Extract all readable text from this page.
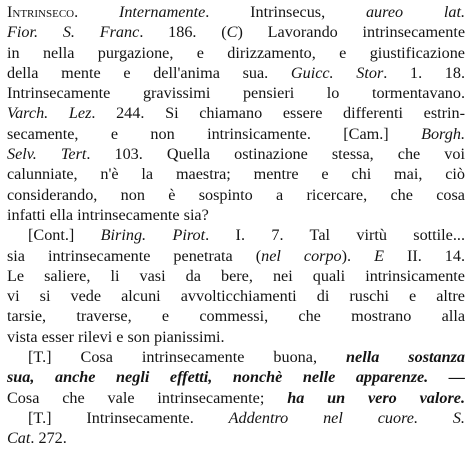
Intrinseco. Internamente. Intrinsecus, aureo lat.
Fior. S. Franc. 186. (C) Lavorando intrinsecamente
in nella purgazione, e dirizzamento, e giustificazione
della mente e dell'anima sua. Guicc. Stor. 1. 18.
Intrinsecamente gravissimi pensieri lo tormentavano.
Varch. Lez. 244. Si chiamano essere differenti estrin-
secamente, e non intrinsicamente. [Cam.] Borgh.
Selv. Tert. 103. Quella ostinazione stessa, che voi
calunniate, n'è la maestra; mentre e chi mai, ciò
considerando, non è sospinto a ricercare, che cosa
infatti ella intrinsecamente sia?
[Cont.] Biring. Pirot. I. 7. Tal virtù sottile...
sia intrinsecamente penetrata (nel corpo). E II. 14.
Le saliere, li vasi da bere, nei quali intrinsicamente
vi si vede alcuni avvolticchiamenti di ruschi e altre
tarsie, traverse, e commessi, che mostrano alla
vista esser rilevi e son pianissimi.
[T.] Cosa intrinsecamente buona, nella sostanza
sua, anche negli effetti, nonchè nelle apparenze. —
Cosa che vale intrinsecamente; ha un vero valore.
[T.] Intrinsecamente. Addentro nel cuore. S.
Cat. 272.
